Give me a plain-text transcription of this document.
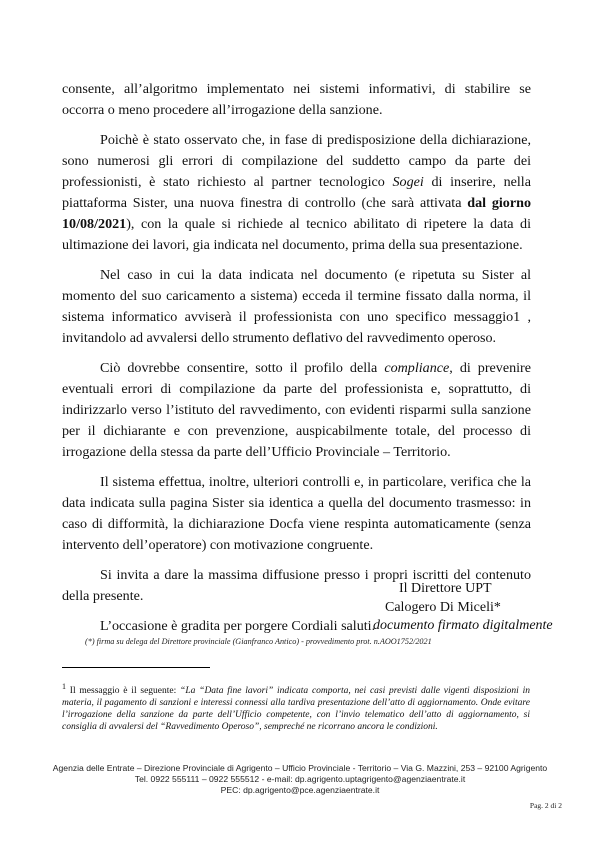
consente, all’algoritmo implementato nei sistemi informativi, di stabilire se occorra o meno procedere all’irrogazione della sanzione.

Poichè è stato osservato che, in fase di predisposizione della dichiarazione, sono numerosi gli errori di compilazione del suddetto campo da parte dei professionisti, è stato richiesto al partner tecnologico Sogei di inserire, nella piattaforma Sister, una nuova finestra di controllo (che sarà attivata dal giorno 10/08/2021), con la quale si richiede al tecnico abilitato di ripetere la data di ultimazione dei lavori, gia indicata nel documento, prima della sua presentazione.

Nel caso in cui la data indicata nel documento (e ripetuta su Sister al momento del suo caricamento a sistema) ecceda il termine fissato dalla norma, il sistema informatico avviserà il professionista con uno specifico messaggio1 , invitandolo ad avvalersi dello strumento deflativo del ravvedimento operoso.

Ciò dovrebbe consentire, sotto il profilo della compliance, di prevenire eventuali errori di compilazione da parte del professionista e, soprattutto, di indirizzarlo verso l’istituto del ravvedimento, con evidenti risparmi sulla sanzione per il dichiarante e con prevenzione, auspicabilmente totale, del processo di irrogazione della stessa da parte dell’Ufficio Provinciale – Territorio.

Il sistema effettua, inoltre, ulteriori controlli e, in particolare, verifica che la data indicata sulla pagina Sister sia identica a quella del documento trasmesso: in caso di difformità, la dichiarazione Docfa viene respinta automaticamente (senza intervento dell’operatore) con motivazione congruente.

Si invita a dare la massima diffusione presso i propri iscritti del contenuto della presente.

L’occasione è gradita per porgere Cordiali saluti.

Il Direttore UPT
Calogero Di Miceli*
documento firmato digitalmente
(*) firma su delega del Direttore provinciale (Gianfranco Antico) - provvedimento prot. n.AOO1752/2021
$^1$ Il messaggio è il seguente: “La “Data fine lavori” indicata comporta, nei casi previsti dalle vigenti disposizioni in materia, il pagamento di sanzioni e interessi connessi alla tardiva presentazione dell’atto di aggiornamento. Onde evitare l’irrogazione della sanzione da parte dell’Ufficio competente, con l’invio telematico dell’atto di aggiornamento, si consiglia di avvalersi del “Ravvedimento Operoso”, sempreché ne ricorrano ancora le condizioni.
Agenzia delle Entrate – Direzione Provinciale di Agrigento – Ufficio Provinciale - Territorio – Via G. Mazzini, 253 – 92100 Agrigento
Tel. 0922 555111 – 0922 555512 - e-mail: dp.agrigento.uptagrigento@agenziaentrate.it
PEC: dp.agrigento@pce.agenziaentrate.it
Pag. 2 di 2
